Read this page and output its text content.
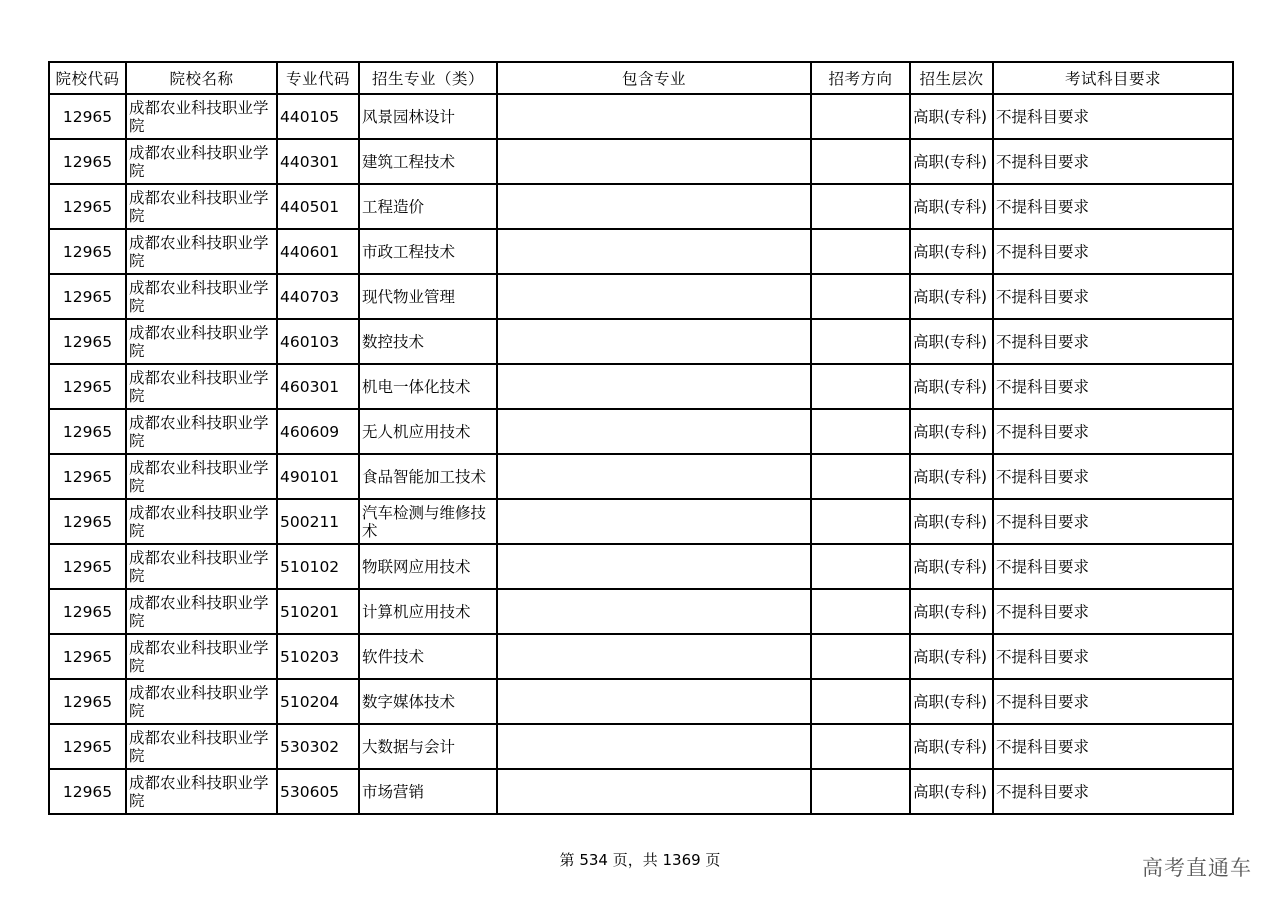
院校代码	院校名称	专业代码	招生专业（类）	包含专业	招考方向	招生层次	考试科目要求
12965	成都农业科技职业学院	440105	风景园林设计			高职(专科)	不提科目要求
12965	成都农业科技职业学院	440301	建筑工程技术			高职(专科)	不提科目要求
12965	成都农业科技职业学院	440501	工程造价			高职(专科)	不提科目要求
12965	成都农业科技职业学院	440601	市政工程技术			高职(专科)	不提科目要求
12965	成都农业科技职业学院	440703	现代物业管理			高职(专科)	不提科目要求
12965	成都农业科技职业学院	460103	数控技术			高职(专科)	不提科目要求
12965	成都农业科技职业学院	460301	机电一体化技术			高职(专科)	不提科目要求
12965	成都农业科技职业学院	460609	无人机应用技术			高职(专科)	不提科目要求
12965	成都农业科技职业学院	490101	食品智能加工技术			高职(专科)	不提科目要求
12965	成都农业科技职业学院	500211	汽车检测与维修技术			高职(专科)	不提科目要求
12965	成都农业科技职业学院	510102	物联网应用技术			高职(专科)	不提科目要求
12965	成都农业科技职业学院	510201	计算机应用技术			高职(专科)	不提科目要求
12965	成都农业科技职业学院	510203	软件技术			高职(专科)	不提科目要求
12965	成都农业科技职业学院	510204	数字媒体技术			高职(专科)	不提科目要求
12965	成都农业科技职业学院	530302	大数据与会计			高职(专科)	不提科目要求
12965	成都农业科技职业学院	530605	市场营销			高职(专科)	不提科目要求
第 534 页，共 1369 页	高考直通车
